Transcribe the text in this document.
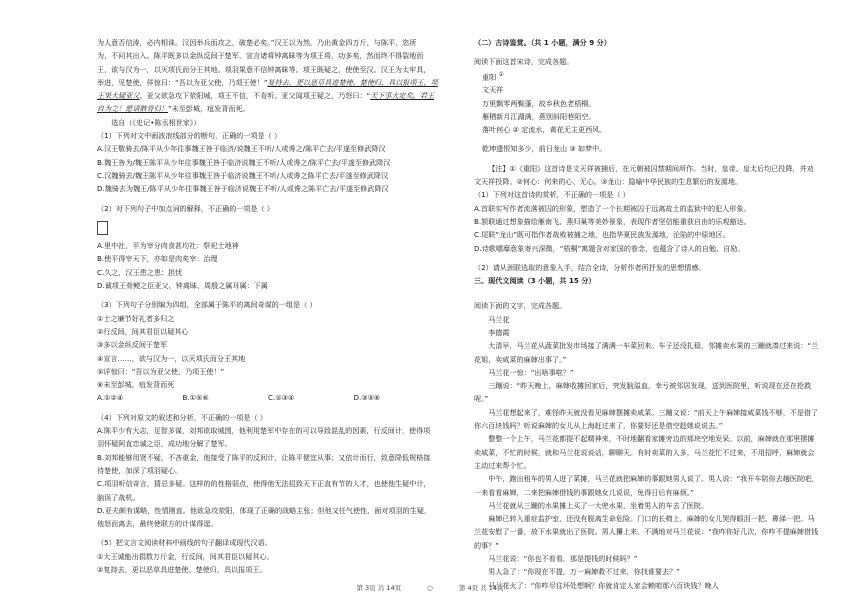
为人意否信涛，必内相诛。汉因举兵而攻之，破楚必矣。”汉王以为然，乃出黄金四万斤，与陈平，恣所

为，不问其出入。陈平既多以金纵反间于楚军，宣言诸将钟离昧等为项王将，功多矣，然而终不得裂地而

王，欲与汉为一，以灭项氏而分王其地。项羽果意不信钟离昧等。项王既疑之，使使至汉。汉王为太牢具，

举进，见楚使，佯惊曰：“吾以为亚父使，乃项王使！”复持去，更以恶草具进楚使。楚使归，具以报项王，项王果大疑亚父。亚父欲急攻下荥阳城，项王不信，不肯听。亚父闻项王疑之，乃怒曰：“天下事大定矣，君王自为之！愿请骸骨归！”未至彭城，疽发背而死。

选自（《史记•陈丞相世家》）

（1）下列对文中画波浪线部分的断句，正确的一项是（ ）

A.汉王敬骑去/陈平从少年往事魏王咎于临济/说魏王不听/人或谗之/陈平亡去/平遂至修武降汉

B.魏王咎为/魏王陈平从少年往事魏王咎于临济说魏王不听/人或谗之/陈平亡去/平遂至修武降汉

C.汉魏骑去/魏王陈平从少年往事魏王咎于临济说魏王不听/人或谗之陈平亡去/平遂至修武降汉

D.魏骑去为魏王/陈平从少年往事魏王咎于临济说魏王不听/人或谗之陈平亡去/平遂至修武降汉

（2）对下列句子中加点词的解释，不正确的一项是（ ）

A.里中社，平为宰分肉食甚均社：祭祀土地神

B.使平得宰天下，亦如是肉矣宰：治理

C.久之，汉王患之患：担忧

D.诚项王骨鲠之臣亚父、钟离昧、周殷之属耳属：下属

（3）下列句子分别编为四组，全部属于陈平的离间奇谋的一组是（ ）

①士之廉节好礼者多归之

②行反间，间其君臣以疑其心

③多以金纵反间于楚军

④宣言……，欲与汉为一，以灭项氏而分王其地

⑤详惊曰：“吾以为亚父使，乃项王使！”

⑥未至彭城，疽发背而死

A.①②④	B.①⑤⑥	C.②③④	D.③⑤⑥

（4）下列对原文的叙述和分析，不正确的一项是（ ）

A.陈平少有大志，足智多谋，刘邦欲取城围，他利用楚军中存在的可以导致混乱的因素，行反间计，使得项

羽怀疑阿直忠诚之臣，成功地分解了楚军。

B.刘邦能够用贤不疑，不吝重金，他接受了陈平的反间计，让陈平便宜从事；又依计而行，致意降低规格接

待楚使，加深了项羽疑心。

C.项羽听信奇言，猜忌多疑。这样的的性格弱点，使得他无法招致天下正直有节的人才，也使他生疑中计，

脑误了战机。

D.亚夫颇有谋略，性情刚直。他欲急攻荥阳，体现了正确的战略主张；但他又任气使性，面对项羽的生疑，

他怒而离去，最终使联方的计谋得逞。

（5）把文言文阅读材料中画线的句子翻译成现代汉语。

①大王诚能出捐数万斤金，行反间，间其君臣以疑其心。

②复持去，更以恶草具进楚使。楚使归，具以报项王。

（二）古诗鉴赏。（共 1 小题，满分 9 分）

阅读下面这首宋诗，完成各题。

重阳 ①

文天祥

万里飘零两鬓蓬，故乡秋色老梧桐。

雁栖新月江湖满，燕别斜阳巷陌空。

落叶何心 ② 定流水，黄花无主更西风。

乾坤遗恨知多少，前日龙山 ③ 如梦中。

【注】①《重阳》这首诗是文天祥被捕后，在元朝被囚禁期间所作。当时，皇帝、皇太后均已投降，并劝文天祥投降。②何心：何来的心、无心。③龙山：隐喻中华民族的生息繁衍的发源地。

（1）下列对这首诗的赏析，不正确的一项是（ ）

A.首联实写作者流落被囚的形象，塑造了一个长期被囚于远离故土的监狱中的犯人形象。

B.颔联通过想象描绘雁南飞、燕归巢等美妙景象，表现作者坚信能重获自由的乐观豁达。

C.尾联“龙山”既可指作者战败被捕之地，也指华夏民族发源地，沦陷的中原地区。

D.诗歌哪靡意象寄兴深微，“梧桐”寓题含对家国的眷念，也蕴含了诗人的自勉、自励。

（2）请从颈联选取的意象入手，结合全诗，分析作者所抒发的思想情感。

三、现代文阅读（3 小题，共 15 分）

阅读下面的文字，完成各题。

马兰花

李德霞

大清早，马兰花从蔬菜批发市场接了满满一车菜回来。车子还没扎稳，邻摊卖水果的三蹦就凑过来说：“兰花姐，卖咸菜的麻婶出事了。”

马兰花一惊：“出啥事啦？”

三蹦说：“昨天晚上，麻婶收摊回家后，突发脑溢血，幸亏被邻居发现，送到医院里，听说现在还在抢救呢。”

马兰花想起来了，难怪昨天就没看见麻婶摆摊卖咸菜。三蹦又说：“前天上午麻婶接咸菜钱不够，不是借了你六百块钱吗？听说麻婶的女儿从上海赶过来了，你要好还是借空趁她说说去。”

整整一个上午，马兰花都提不起精神来，不时地翻看家摊旁边的那块空地发呆。以前，麻婶就在那里摆摊卖咸菜，不忙的时候，就和马兰花说说话，聊聊天。有时卖菜的人多，马兰花忙不过来，不用招呼，麻婶就会主动过来帮个忙。

中午，跑出租车的男人进了菜摊，马兰花就把麻婶的事跟她男人说了。男人说：“我开车陪你去趟医院吧，一来看看麻婶，二来把麻婶借钱的事跟她女儿说说，免得日后有麻烦。”

马兰花就从三蹦的水果摊上买了一大兜水果，坐着男人的车去了医院。

麻婶已转入重症监护室，还没有脱离生命危险。门口的长椅上，麻婶的女儿哭得眼泪一把、鼻涕一把。马兰花安慰了一番，放下水果就出了医院。男人攥上来，不满地对马兰花说：“我咋你好几次，你咋不提麻婶借钱的事？”

马兰花说：“你也不看看，那是提钱的时候吗？”

男人急了：“你现在不提，万一麻婶救不过来，你找谁要去？”

马兰花火了：“你咋尽往坏处想啊？你就肯定人家会赖咱那六百块钱？晚人

第 3页 共 14页	○	第 4页 共 14页
